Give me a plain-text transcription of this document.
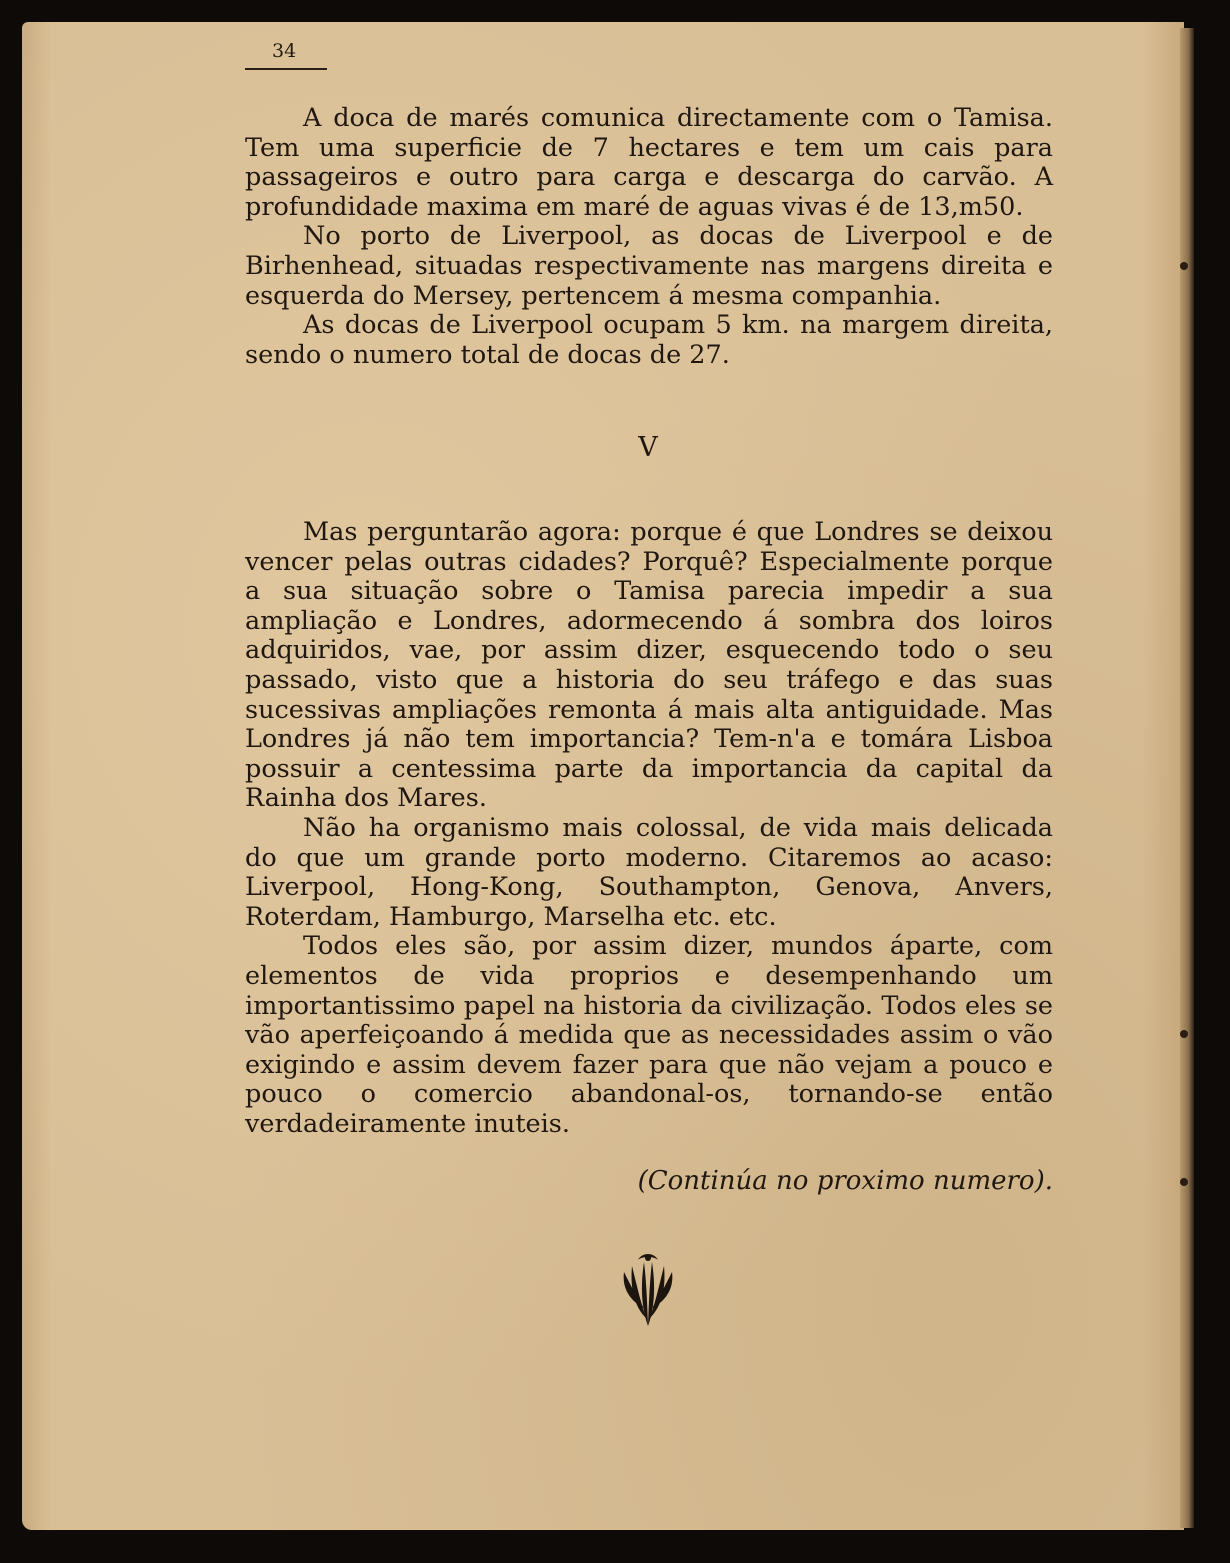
34

A doca de marés comunica directamente com o Tamisa. Tem uma superficie de 7 hectares e tem um cais para passageiros e outro para carga e descarga do carvão. A profundidade maxima em maré de aguas vivas é de 13,m50.

No porto de Liverpool, as docas de Liverpool e de Birhenhead, situadas respectivamente nas margens direita e esquerda do Mersey, pertencem á mesma companhia.

As docas de Liverpool ocupam 5 km. na margem direita, sendo o numero total de docas de 27.

V

Mas perguntarão agora: porque é que Londres se deixou vencer pelas outras cidades? Porquê? Especialmente porque a sua situação sobre o Tamisa parecia impedir a sua ampliação e Londres, adormecendo á sombra dos loiros adquiridos, vae, por assim dizer, esquecendo todo o seu passado, visto que a historia do seu tráfego e das suas sucessivas ampliações remonta á mais alta antiguidade. Mas Londres já não tem importancia? Tem-n'a e tomára Lisboa possuir a centessima parte da importancia da capital da Rainha dos Mares.

Não ha organismo mais colossal, de vida mais delicada do que um grande porto moderno. Citaremos ao acaso: Liverpool, Hong-Kong, Southampton, Genova, Anvers, Roterdam, Hamburgo, Marselha etc. etc.

Todos eles são, por assim dizer, mundos áparte, com elementos de vida proprios e desempenhando um importantissimo papel na historia da civilização. Todos eles se vão aperfeiçoando á medida que as necessidades assim o vão exigindo e assim devem fazer para que não vejam a pouco e pouco o comercio abandonal-os, tornando-se então verdadeiramente inuteis.

(Continúa no proximo numero).
